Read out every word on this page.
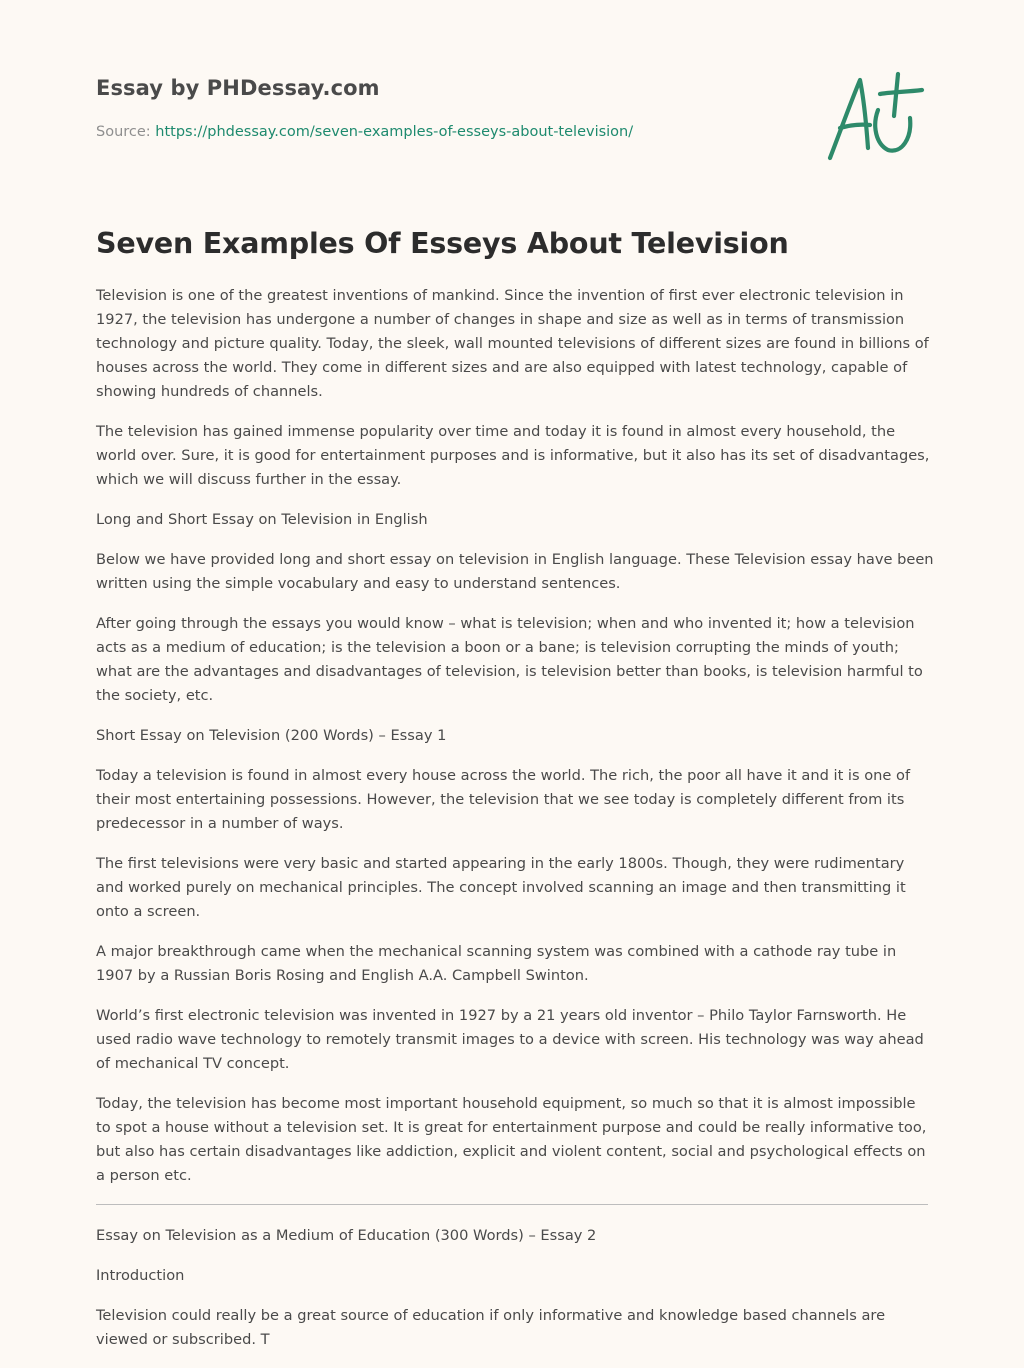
Essay by PHDessay.com
Source: https://phdessay.com/seven-examples-of-esseys-about-television/
Seven Examples Of Esseys About Television

Television is one of the greatest inventions of mankind. Since the invention of first ever electronic television in 1927, the television has undergone a number of changes in shape and size as well as in terms of transmission technology and picture quality. Today, the sleek, wall mounted televisions of different sizes are found in billions of houses across the world. They come in different sizes and are also equipped with latest technology, capable of showing hundreds of channels.

The television has gained immense popularity over time and today it is found in almost every household, the world over. Sure, it is good for entertainment purposes and is informative, but it also has its set of disadvantages, which we will discuss further in the essay.

Long and Short Essay on Television in English

Below we have provided long and short essay on television in English language. These Television essay have been written using the simple vocabulary and easy to understand sentences.

After going through the essays you would know – what is television; when and who invented it; how a television acts as a medium of education; is the television a boon or a bane; is television corrupting the minds of youth; what are the advantages and disadvantages of television, is television better than books, is television harmful to the society, etc.

Short Essay on Television (200 Words) – Essay 1

Today a television is found in almost every house across the world. The rich, the poor all have it and it is one of their most entertaining possessions. However, the television that we see today is completely different from its predecessor in a number of ways.

The first televisions were very basic and started appearing in the early 1800s. Though, they were rudimentary and worked purely on mechanical principles. The concept involved scanning an image and then transmitting it onto a screen.

A major breakthrough came when the mechanical scanning system was combined with a cathode ray tube in 1907 by a Russian Boris Rosing and English A.A. Campbell Swinton.

World’s first electronic television was invented in 1927 by a 21 years old inventor – Philo Taylor Farnsworth. He used radio wave technology to remotely transmit images to a device with screen. His technology was way ahead of mechanical TV concept.

Today, the television has become most important household equipment, so much so that it is almost impossible to spot a house without a television set. It is great for entertainment purpose and could be really informative too, but also has certain disadvantages like addiction, explicit and violent content, social and psychological effects on a person etc.

Essay on Television as a Medium of Education (300 Words) – Essay 2

Introduction

Television could really be a great source of education if only informative and knowledge based channels are viewed or subscribed. T
